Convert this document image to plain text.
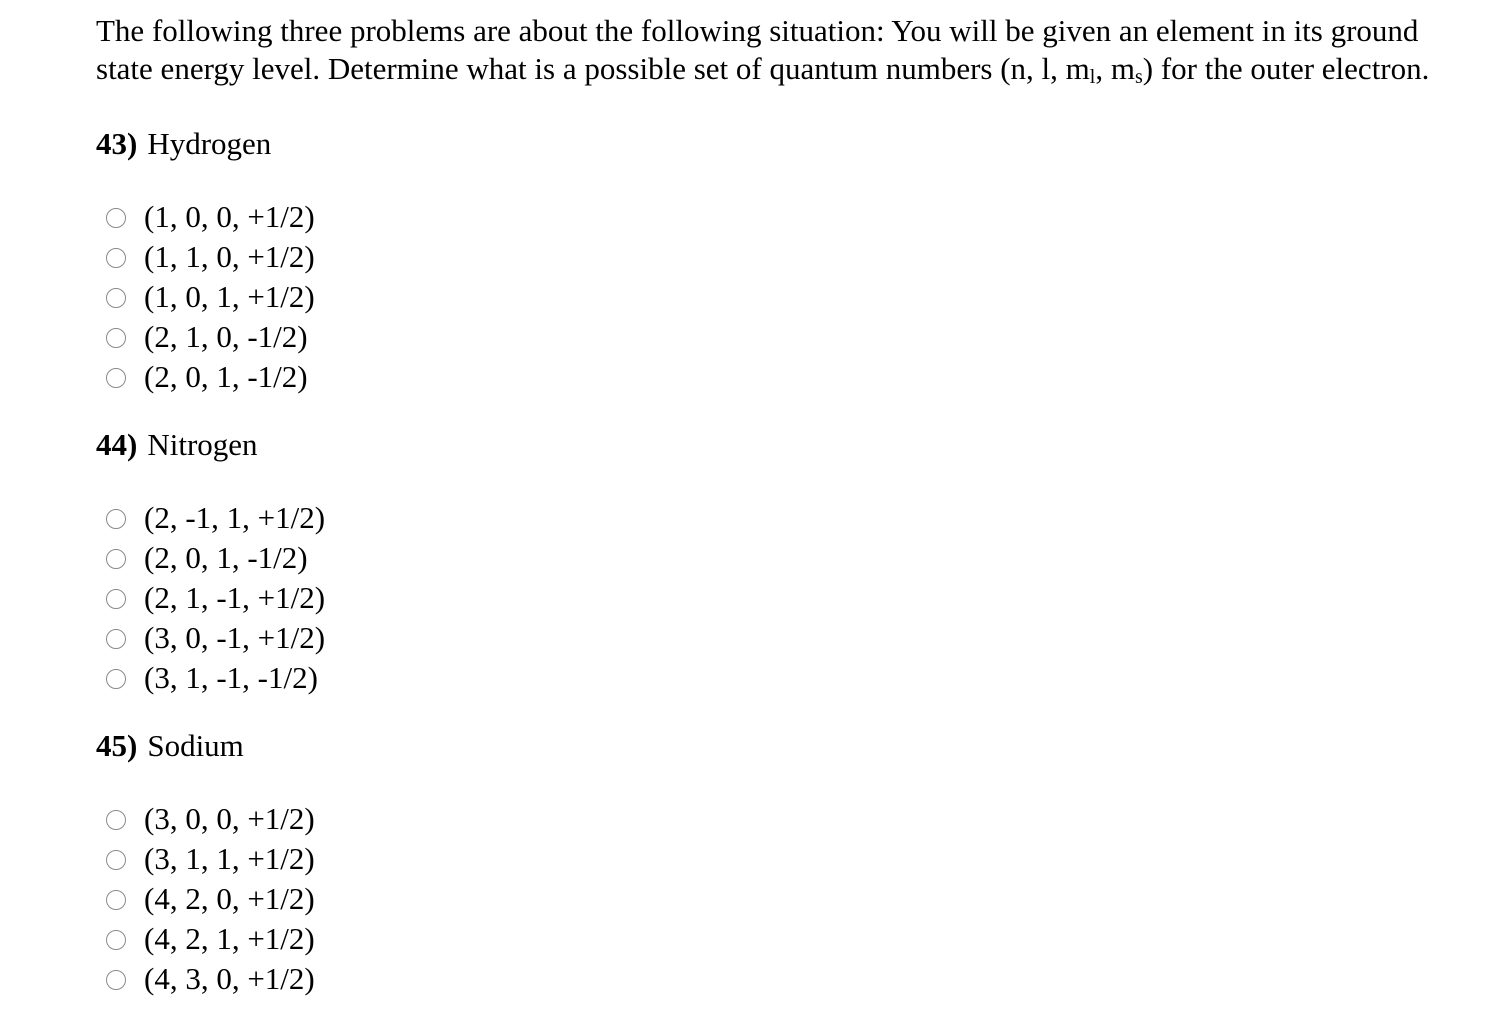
The following three problems are about the following situation: You will be given an element in its ground
state energy level. Determine what is a possible set of quantum numbers (n, l, $m_l$, $m_s$) for the outer electron.
43) Hydrogen
(1, 0, 0, +1/2)
(1, 1, 0, +1/2)
(1, 0, 1, +1/2)
(2, 1, 0, -1/2)
(2, 0, 1, -1/2)
44) Nitrogen
(2, -1, 1, +1/2)
(2, 0, 1, -1/2)
(2, 1, -1, +1/2)
(3, 0, -1, +1/2)
(3, 1, -1, -1/2)
45) Sodium
(3, 0, 0, +1/2)
(3, 1, 1, +1/2)
(4, 2, 0, +1/2)
(4, 2, 1, +1/2)
(4, 3, 0, +1/2)
